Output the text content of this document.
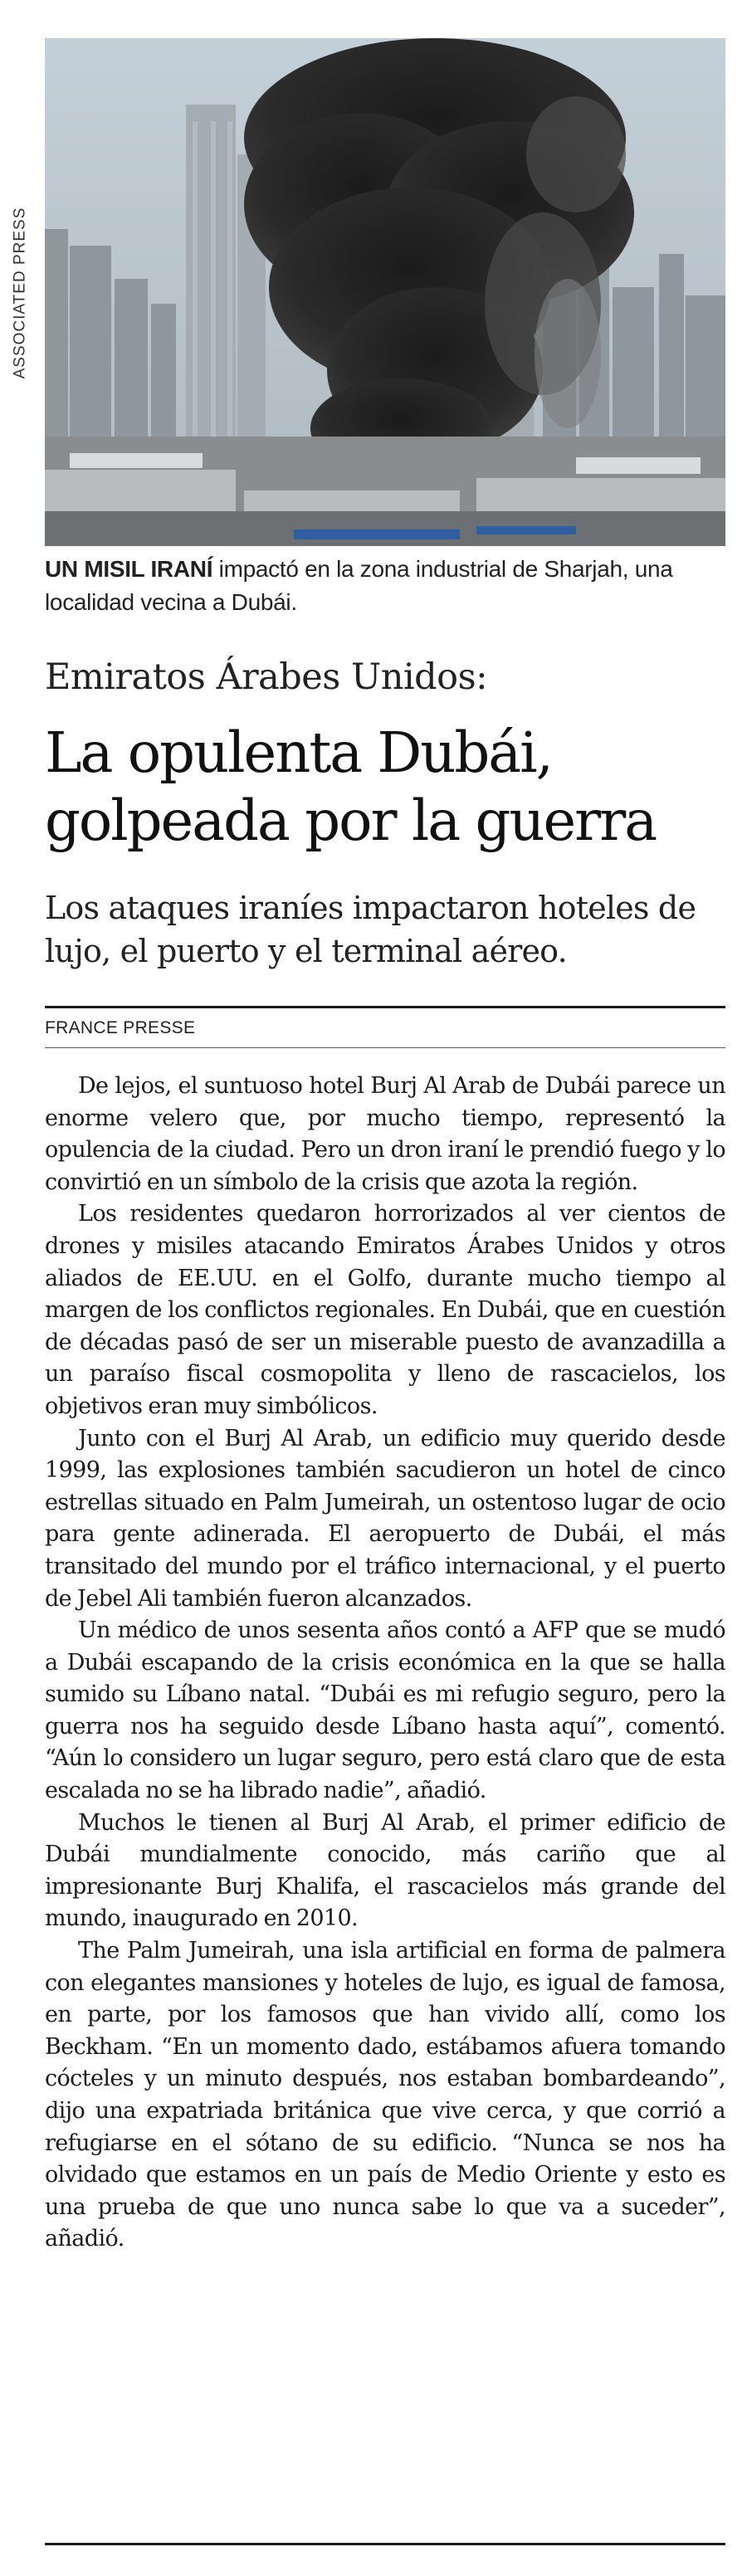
ASSOCIATED PRESS
UN MISIL IRANÍ impactó en la zona industrial de Sharjah, una localidad vecina a Dubái.
Emiratos Árabes Unidos:
La opulenta Dubái, golpeada por la guerra
Los ataques iraníes impactaron hoteles de lujo, el puerto y el terminal aéreo.
FRANCE PRESSE

De lejos, el suntuoso hotel Burj Al Arab de Dubái parece un enorme velero que, por mucho tiempo, representó la opulencia de la ciudad. Pero un dron iraní le prendió fuego y lo convirtió en un símbolo de la crisis que azota la región.

Los residentes quedaron horrorizados al ver cientos de drones y misiles atacando Emiratos Árabes Unidos y otros aliados de EE.UU. en el Golfo, durante mucho tiempo al margen de los conflictos regionales. En Dubái, que en cuestión de décadas pasó de ser un miserable puesto de avanzadilla a un paraíso fiscal cosmopolita y lleno de rascacielos, los objetivos eran muy simbólicos.

Junto con el Burj Al Arab, un edificio muy querido desde 1999, las explosiones también sacudieron un hotel de cinco estrellas situado en Palm Jumeirah, un ostentoso lugar de ocio para gente adinerada. El aeropuerto de Dubái, el más transitado del mundo por el tráfico internacional, y el puerto de Jebel Ali también fueron alcanzados.

Un médico de unos sesenta años contó a AFP que se mudó a Dubái escapando de la crisis económica en la que se halla sumido su Líbano natal. “Dubái es mi refugio seguro, pero la guerra nos ha seguido desde Líbano hasta aquí”, comentó. “Aún lo considero un lugar seguro, pero está claro que de esta escalada no se ha librado nadie”, añadió.

Muchos le tienen al Burj Al Arab, el primer edificio de Dubái mundialmente conocido, más cariño que al impresionante Burj Khalifa, el rascacielos más grande del mundo, inaugurado en 2010.

The Palm Jumeirah, una isla artificial en forma de palmera con elegantes mansiones y hoteles de lujo, es igual de famosa, en parte, por los famosos que han vivido allí, como los Beckham. “En un momento dado, estábamos afuera tomando cócteles y un minuto después, nos estaban bombardeando”, dijo una expatriada británica que vive cerca, y que corrió a refugiarse en el sótano de su edificio. “Nunca se nos ha olvidado que estamos en un país de Medio Oriente y esto es una prueba de que uno nunca sabe lo que va a suceder”, añadió.
